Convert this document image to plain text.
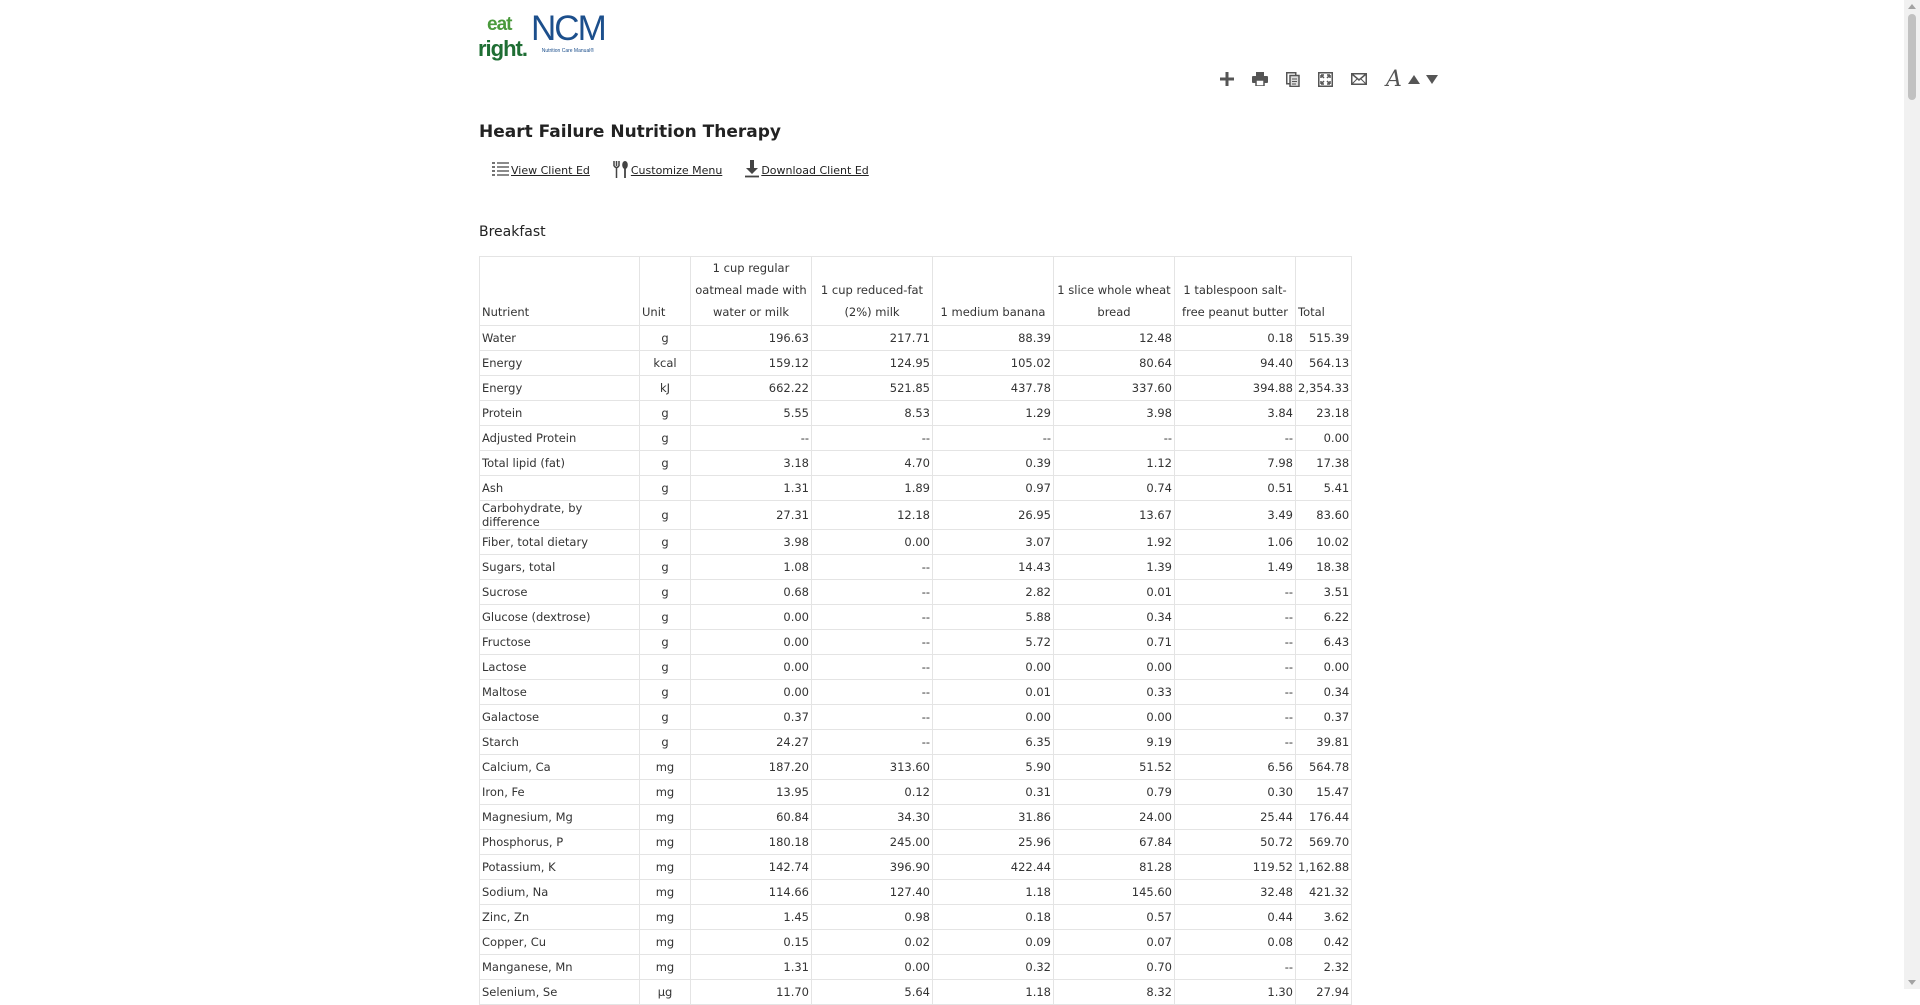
eat
right.
NCM
Nutrition Care Manual®
A
Heart Failure Nutrition Therapy
View Client Ed	Customize Menu	Download Client Ed
Breakfast
Nutrient	Unit	1 cup regular oatmeal made with water or milk	1 cup reduced-fat (2%) milk	1 medium banana	1 slice whole wheat bread	1 tablespoon salt-free peanut butter	Total
Water	g	196.63	217.71	88.39	12.48	0.18	515.39
Energy	kcal	159.12	124.95	105.02	80.64	94.40	564.13
Energy	kJ	662.22	521.85	437.78	337.60	394.88	2,354.33
Protein	g	5.55	8.53	1.29	3.98	3.84	23.18
Adjusted Protein	g	--	--	--	--	--	0.00
Total lipid (fat)	g	3.18	4.70	0.39	1.12	7.98	17.38
Ash	g	1.31	1.89	0.97	0.74	0.51	5.41
Carbohydrate, by difference	g	27.31	12.18	26.95	13.67	3.49	83.60
Fiber, total dietary	g	3.98	0.00	3.07	1.92	1.06	10.02
Sugars, total	g	1.08	--	14.43	1.39	1.49	18.38
Sucrose	g	0.68	--	2.82	0.01	--	3.51
Glucose (dextrose)	g	0.00	--	5.88	0.34	--	6.22
Fructose	g	0.00	--	5.72	0.71	--	6.43
Lactose	g	0.00	--	0.00	0.00	--	0.00
Maltose	g	0.00	--	0.01	0.33	--	0.34
Galactose	g	0.37	--	0.00	0.00	--	0.37
Starch	g	24.27	--	6.35	9.19	--	39.81
Calcium, Ca	mg	187.20	313.60	5.90	51.52	6.56	564.78
Iron, Fe	mg	13.95	0.12	0.31	0.79	0.30	15.47
Magnesium, Mg	mg	60.84	34.30	31.86	24.00	25.44	176.44
Phosphorus, P	mg	180.18	245.00	25.96	67.84	50.72	569.70
Potassium, K	mg	142.74	396.90	422.44	81.28	119.52	1,162.88
Sodium, Na	mg	114.66	127.40	1.18	145.60	32.48	421.32
Zinc, Zn	mg	1.45	0.98	0.18	0.57	0.44	3.62
Copper, Cu	mg	0.15	0.02	0.09	0.07	0.08	0.42
Manganese, Mn	mg	1.31	0.00	0.32	0.70	--	2.32
Selenium, Se	µg	11.70	5.64	1.18	8.32	1.30	27.94
